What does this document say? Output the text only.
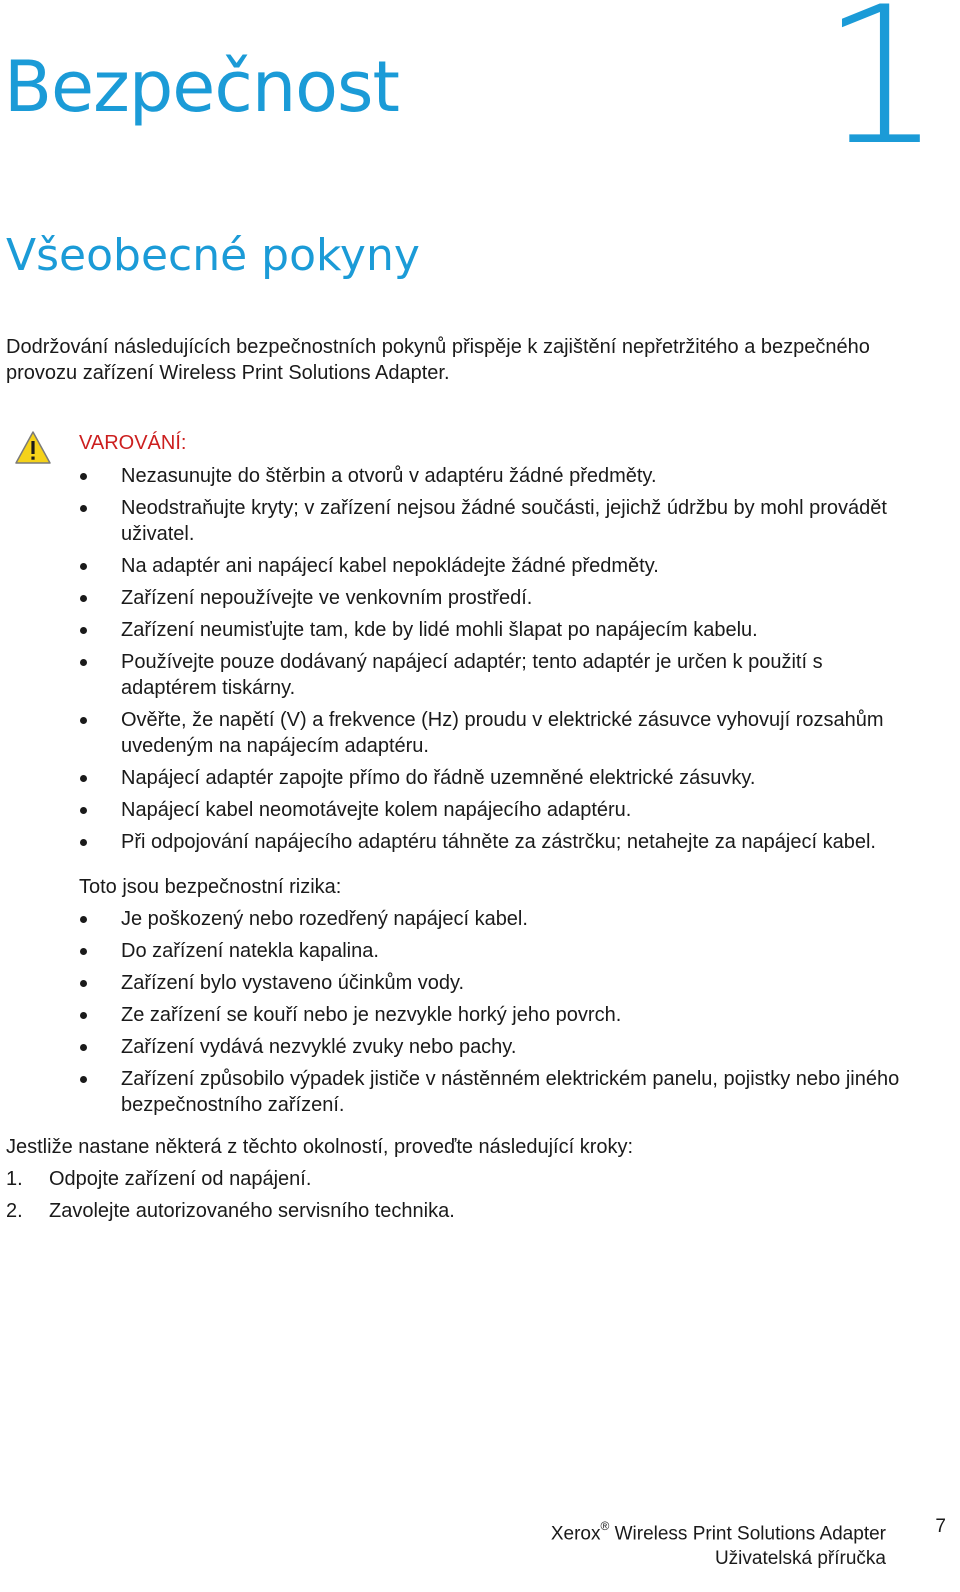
1
Bezpečnost
Všeobecné pokyny

Dodržování následujících bezpečnostních pokynů přispěje k zajištění nepřetržitého a bezpečného provozu zařízení Wireless Print Solutions Adapter.

VAROVÁNÍ:

Nezasunujte do štěrbin a otvorů v adaptéru žádné předměty.
Neodstraňujte kryty; v zařízení nejsou žádné součásti, jejichž údržbu by mohl provádět uživatel.
Na adaptér ani napájecí kabel nepokládejte žádné předměty.
Zařízení nepoužívejte ve venkovním prostředí.
Zařízení neumisťujte tam, kde by lidé mohli šlapat po napájecím kabelu.
Používejte pouze dodávaný napájecí adaptér; tento adaptér je určen k použití s adaptérem tiskárny.
Ověřte, že napětí (V) a frekvence (Hz) proudu v elektrické zásuvce vyhovují rozsahům uvedeným na napájecím adaptéru.
Napájecí adaptér zapojte přímo do řádně uzemněné elektrické zásuvky.
Napájecí kabel neomotávejte kolem napájecího adaptéru.
Při odpojování napájecího adaptéru táhněte za zástrčku; netahejte za napájecí kabel.

Toto jsou bezpečnostní rizika:

Je poškozený nebo rozedřený napájecí kabel.
Do zařízení natekla kapalina.
Zařízení bylo vystaveno účinkům vody.
Ze zařízení se kouří nebo je nezvykle horký jeho povrch.
Zařízení vydává nezvyklé zvuky nebo pachy.
Zařízení způsobilo výpadek jističe v nástěnném elektrickém panelu, pojistky nebo jiného bezpečnostního zařízení.

Jestliže nastane některá z těchto okolností, proveďte následující kroky:

1. Odpojte zařízení od napájení.
2. Zavolejte autorizovaného servisního technika.
Xerox® Wireless Print Solutions Adapter
Uživatelská příručka
7
